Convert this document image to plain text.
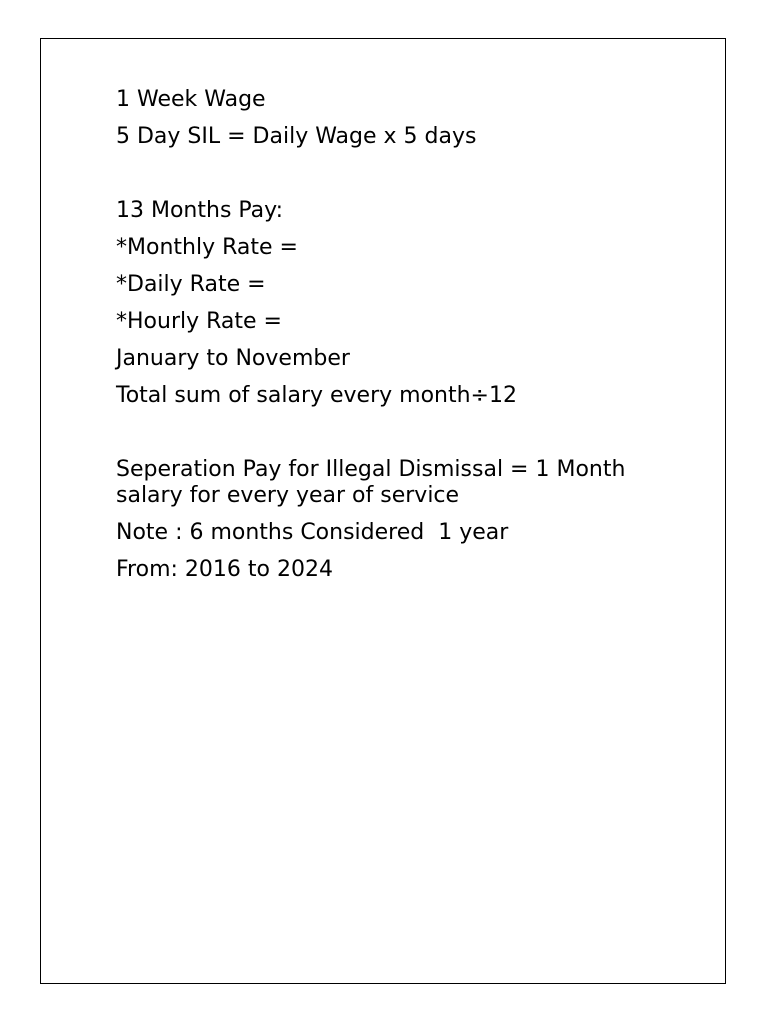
1 Week Wage
5 Day SIL = Daily Wage x 5 days
13 Months Pay:
*Monthly Rate =
*Daily Rate =
*Hourly Rate =
January to November
Total sum of salary every month÷12
Seperation Pay for Illegal Dismissal = 1 Month salary for every year of service
Note : 6 months Considered  1 year
From: 2016 to 2024
